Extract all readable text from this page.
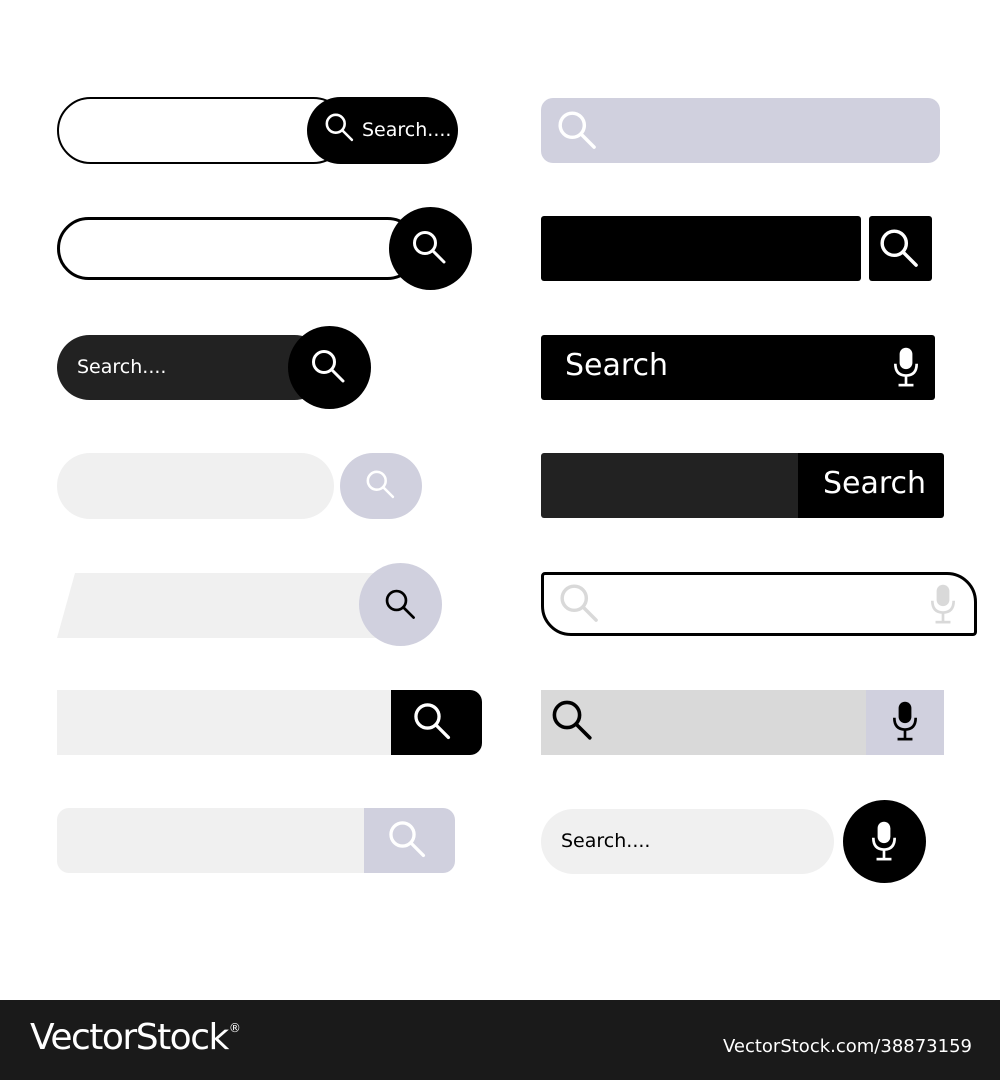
Search....
Search....	Search
Search
Search....
VectorStock®
VectorStock.com/38873159
